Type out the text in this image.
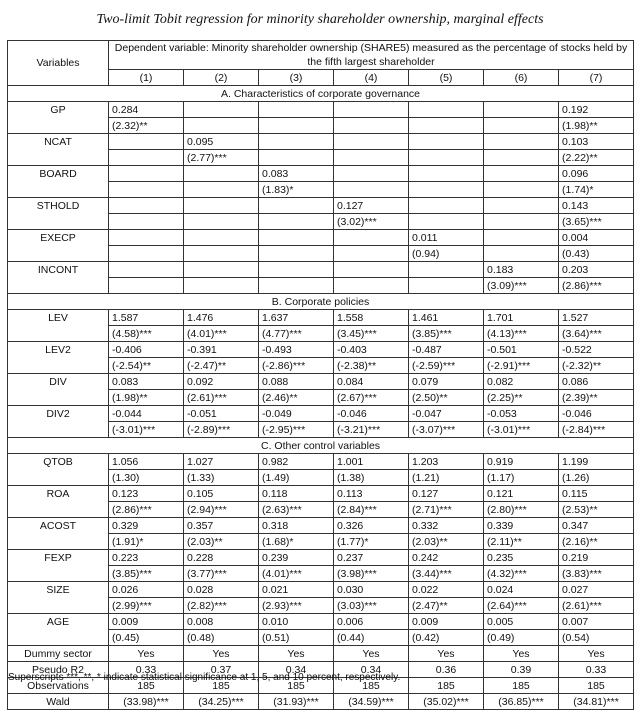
Two-limit Tobit regression for minority shareholder ownership, marginal effects
Variables	Dependent variable: Minority shareholder ownership (SHARE5) measured as the percentage of stocks held by
the fifth largest shareholder						
	(1)	(2)	(3)	(4)	(5)	(6)	(7)
A. Characteristics of corporate governance							
GP	0.284						0.192
	(2.32)**						(1.98)**
NCAT		0.095					0.103
		(2.77)***					(2.22)**
BOARD			0.083				0.096
			(1.83)*				(1.74)*
STHOLD				0.127			0.143
				(3.02)***			(3.65)***
EXECP					0.011		0.004
					(0.94)		(0.43)
INCONT						0.183	0.203
						(3.09)***	(2.86)***
B. Corporate policies							
LEV	1.587	1.476	1.637	1.558	1.461	1.701	1.527
	(4.58)***	(4.01)***	(4.77)***	(3.45)***	(3.85)***	(4.13)***	(3.64)***
LEV2	-0.406	-0.391	-0.493	-0.403	-0.487	-0.501	-0.522
	(-2.54)**	(-2.47)**	(-2.86)***	(-2.38)**	(-2.59)***	(-2.91)***	(-2.32)**
DIV	0.083	0.092	0.088	0.084	0.079	0.082	0.086
	(1.98)**	(2.61)***	(2.46)**	(2.67)***	(2.50)**	(2.25)**	(2.39)**
DIV2	-0.044	-0.051	-0.049	-0.046	-0.047	-0.053	-0.046
	(-3.01)***	(-2.89)***	(-2.95)***	(-3.21)***	(-3.07)***	(-3.01)***	(-2.84)***
C. Other control variables							
QTOB	1.056	1.027	0.982	1.001	1.203	0.919	1.199
	(1.30)	(1.33)	(1.49)	(1.38)	(1.21)	(1.17)	(1.26)
ROA	0.123	0.105	0.118	0.113	0.127	0.121	0.115
	(2.86)***	(2.94)***	(2.63)***	(2.84)***	(2.71)***	(2.80)***	(2.53)**
ACOST	0.329	0.357	0.318	0.326	0.332	0.339	0.347
	(1.91)*	(2.03)**	(1.68)*	(1.77)*	(2.03)**	(2.11)**	(2.16)**
FEXP	0.223	0.228	0.239	0.237	0.242	0.235	0.219
	(3.85)***	(3.77)***	(4.01)***	(3.98)***	(3.44)***	(4.32)***	(3.83)***
SIZE	0.026	0.028	0.021	0.030	0.022	0.024	0.027
	(2.99)***	(2.82)***	(2.93)***	(3.03)***	(2.47)**	(2.64)***	(2.61)***
AGE	0.009	0.008	0.010	0.006	0.009	0.005	0.007
	(0.45)	(0.48)	(0.51)	(0.44)	(0.42)	(0.49)	(0.54)
Dummy sector	Yes	Yes	Yes	Yes	Yes	Yes	Yes
Pseudo R2	0.33	0.37	0.34	0.34	0.36	0.39	0.33
Observations	185	185	185	185	185	185	185
Wald	(33.98)***	(34.25)***	(31.93)***	(34.59)***	(35.02)***	(36.85)***	(34.81)***
Superscripts ***, **, * indicate statistical significance at 1, 5, and 10 percent, respectively.
